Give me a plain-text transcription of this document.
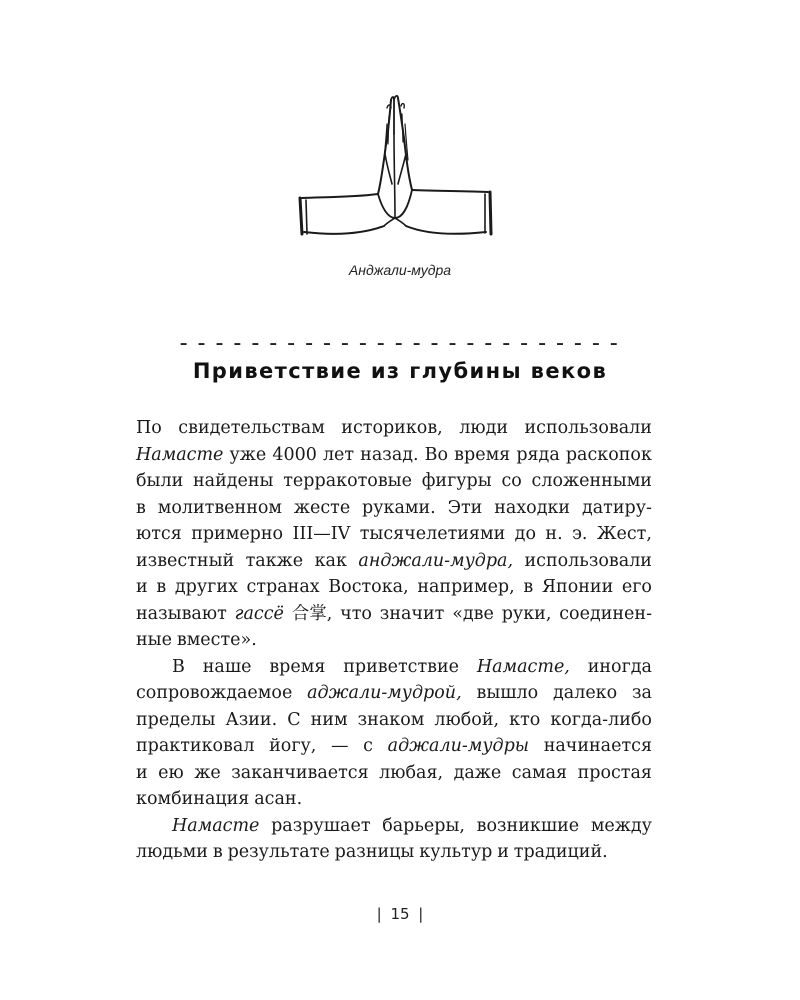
Анджали-мудра
– – – – – – – – – – – – – – – – – – – – – – – – –
Приветствие из глубины веков
По свидетельствам историков, люди использовали
Намасте уже 4000 лет назад. Во время ряда раскопок
были найдены терракотовые фигуры со сложенными
в молитвенном жесте руками. Эти находки датиру-
ются примерно III—IV тысячелетиями до н. э. Жест,
известный также как анджали-мудра, использовали
и в других странах Востока, например, в Японии его
называют гассё 合掌, что значит «две руки, соединен-
ные вместе».
В наше время приветствие Намасте, иногда
сопровождаемое аджали-мудрой, вышло далеко за
пределы Азии. С ним знаком любой, кто когда-либо
практиковал йогу, — с аджали-мудры начинается
и ею же заканчивается любая, даже самая простая
комбинация асан.
Намасте разрушает барьеры, возникшие между
людьми в результате разницы культур и традиций.
| 15 |
